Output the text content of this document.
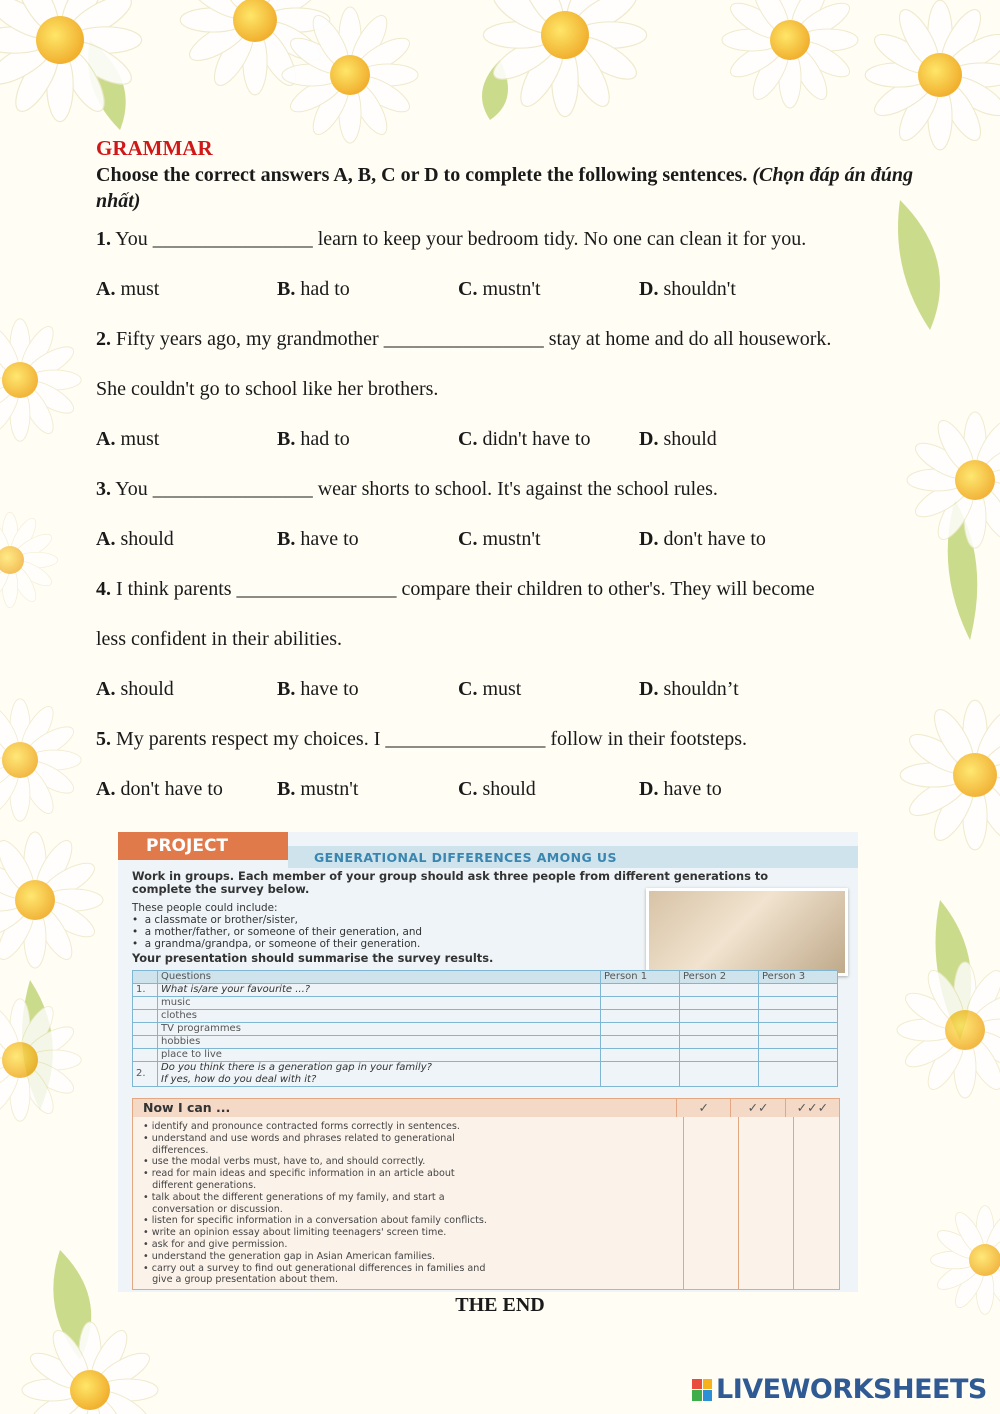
GRAMMAR
Choose the correct answers A, B, C or D to complete the following sentences. (Chọn đáp án đúng nhất)
1. You ________________ learn to keep your bedroom tidy. No one can clean it for you.
A. must	B. had to	C. mustn't	D. shouldn't
2. Fifty years ago, my grandmother ________________ stay at home and do all housework.
She couldn't go to school like her brothers.
A. must	B. had to	C. didn't have to	D. should
3. You ________________ wear shorts to school. It's against the school rules.
A. should	B. have to	C. mustn't	D. don't have to
4. I think parents ________________ compare their children to other's. They will become
less confident in their abilities.
A. should	B. have to	C. must	D. shouldn’t
5. My parents respect my choices. I ________________ follow in their footsteps.
A. don't have to	B. mustn't	C. should	D. have to
PROJECT
GENERATIONAL DIFFERENCES AMONG US
Work in groups. Each member of your group should ask three people from different generations to complete the survey below.
These people could include:
•  a classmate or brother/sister,
•  a mother/father, or someone of their generation, and
•  a grandma/grandpa, or someone of their generation.
Your presentation should summarise the survey results.
	Questions	Person 1	Person 2	Person 3
1.	What is/are your favourite ...?			
	music			
	clothes			
	TV programmes			
	hobbies			
	place to live			
2.	Do you think there is a generation gap in your family?
If yes, how do you deal with it?			

Now I can ...	✓	✓✓	✓✓✓
• identify and pronounce contracted forms correctly in sentences.
• understand and use words and phrases related to generational
differences.
• use the modal verbs must, have to, and should correctly.
• read for main ideas and specific information in an article about
different generations.
• talk about the different generations of my family, and start a
conversation or discussion.
• listen for specific information in a conversation about family conflicts.
• write an opinion essay about limiting teenagers' screen time.
• ask for and give permission.
• understand the generation gap in Asian American families.
• carry out a survey to find out generational differences in families and
give a group presentation about them.
THE END
LIVEWORKSHEETS
